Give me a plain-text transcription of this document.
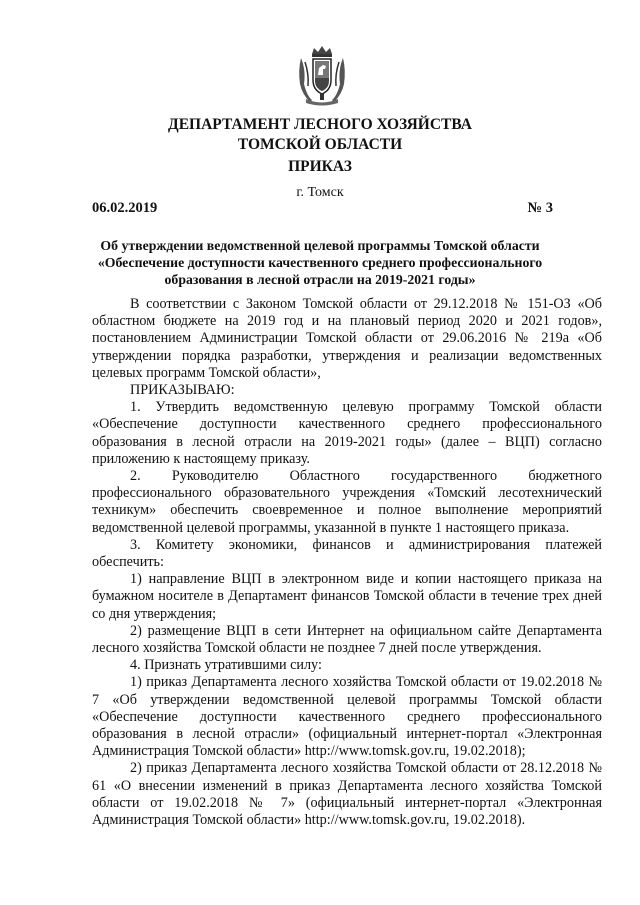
ДЕПАРТАМЕНТ ЛЕСНОГО ХОЗЯЙСТВА
ТОМСКОЙ ОБЛАСТИ
ПРИКАЗ
г. Томск
06.02.2019	№ 3
Об утверждении ведомственной целевой программы Томской области
«Обеспечение доступности качественного среднего профессионального
образования в лесной отрасли на 2019-2021 годы»

В соответствии с Законом Томской области от 29.12.2018 № 151-ОЗ «Об областном бюджете на 2019 год и на плановый период 2020 и 2021 годов», постановлением Администрации Томской области от 29.06.2016 № 219а «Об утверждении порядка разработки, утверждения и реализации ведомственных целевых программ Томской области»,

ПРИКАЗЫВАЮ:

1. Утвердить ведомственную целевую программу Томской области «Обеспечение доступности качественного среднего профессионального образования в лесной отрасли на 2019-2021 годы» (далее – ВЦП) согласно приложению к настоящему приказу.

2. Руководителю Областного государственного бюджетного профессионального образовательного учреждения «Томский лесотехнический техникум» обеспечить своевременное и полное выполнение мероприятий ведомственной целевой программы, указанной в пункте 1 настоящего приказа.

3. Комитету экономики, финансов и администрирования платежей обеспечить:

1) направление ВЦП в электронном виде и копии настоящего приказа на бумажном носителе в Департамент финансов Томской области в течение трех дней со дня утверждения;

2) размещение ВЦП в сети Интернет на официальном сайте Департамента лесного хозяйства Томской области не позднее 7 дней после утверждения.

4. Признать утратившими силу:

1) приказ Департамента лесного хозяйства Томской области от 19.02.2018 № 7 «Об утверждении ведомственной целевой программы Томской области «Обеспечение доступности качественного среднего профессионального образования в лесной отрасли» (официальный интернет-портал «Электронная Администрация Томской области» http://www.tomsk.gov.ru, 19.02.2018);

2) приказ Департамента лесного хозяйства Томской области от 28.12.2018 № 61 «О внесении изменений в приказ Департамента лесного хозяйства Томской области от 19.02.2018 № 7» (официальный интернет-портал «Электронная Администрация Томской области» http://www.tomsk.gov.ru, 19.02.2018).
